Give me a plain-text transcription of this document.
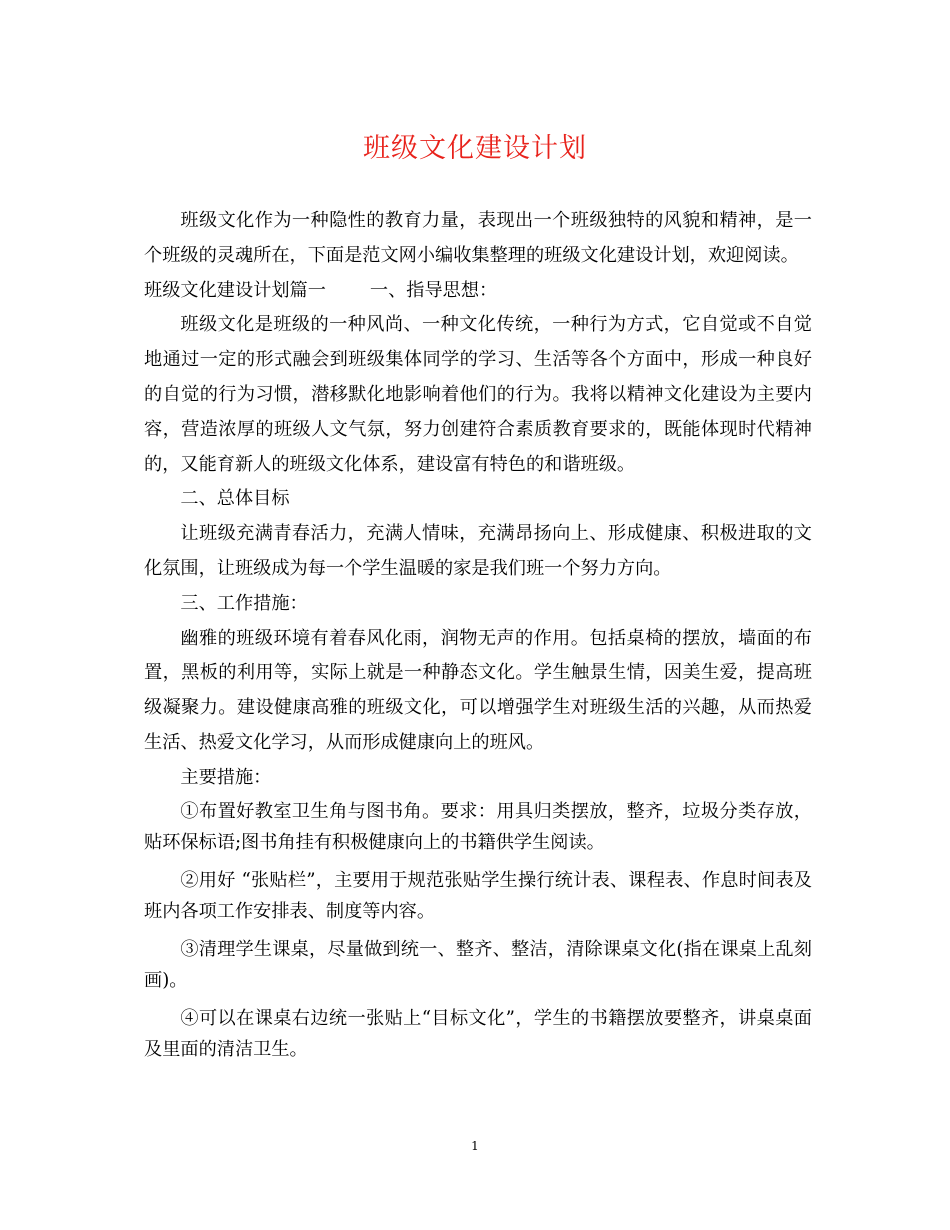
班级文化建设计划

班级文化作为一种隐性的教育力量，表现出一个班级独特的风貌和精神，是一个班级的灵魂所在，下面是范文网小编收集整理的班级文化建设计划，欢迎阅读。

班级文化建设计划篇一 一、指导思想：

班级文化是班级的一种风尚、一种文化传统，一种行为方式，它自觉或不自觉地通过一定的形式融会到班级集体同学的学习、生活等各个方面中，形成一种良好的自觉的行为习惯，潜移默化地影响着他们的行为。我将以精神文化建设为主要内容，营造浓厚的班级人文气氛，努力创建符合素质教育要求的，既能体现时代精神的，又能育新人的班级文化体系，建设富有特色的和谐班级。

二、总体目标

让班级充满青春活力，充满人情味，充满昂扬向上、形成健康、积极进取的文化氛围，让班级成为每一个学生温暖的家是我们班一个努力方向。

三、工作措施：

幽雅的班级环境有着春风化雨，润物无声的作用。包括桌椅的摆放，墙面的布置，黑板的利用等，实际上就是一种静态文化。学生触景生情，因美生爱，提高班级凝聚力。建设健康高雅的班级文化，可以增强学生对班级生活的兴趣，从而热爱生活、热爱文化学习，从而形成健康向上的班风。

主要措施：

①布置好教室卫生角与图书角。要求：用具归类摆放，整齐，垃圾分类存放，贴环保标语;图书角挂有积极健康向上的书籍供学生阅读。

②用好 “张贴栏”，主要用于规范张贴学生操行统计表、课程表、作息时间表及班内各项工作安排表、制度等内容。

③清理学生课桌，尽量做到统一、整齐、整洁，清除课桌文化(指在课桌上乱刻画)。

④可以在课桌右边统一张贴上“目标文化”，学生的书籍摆放要整齐，讲桌桌面及里面的清洁卫生。

1
